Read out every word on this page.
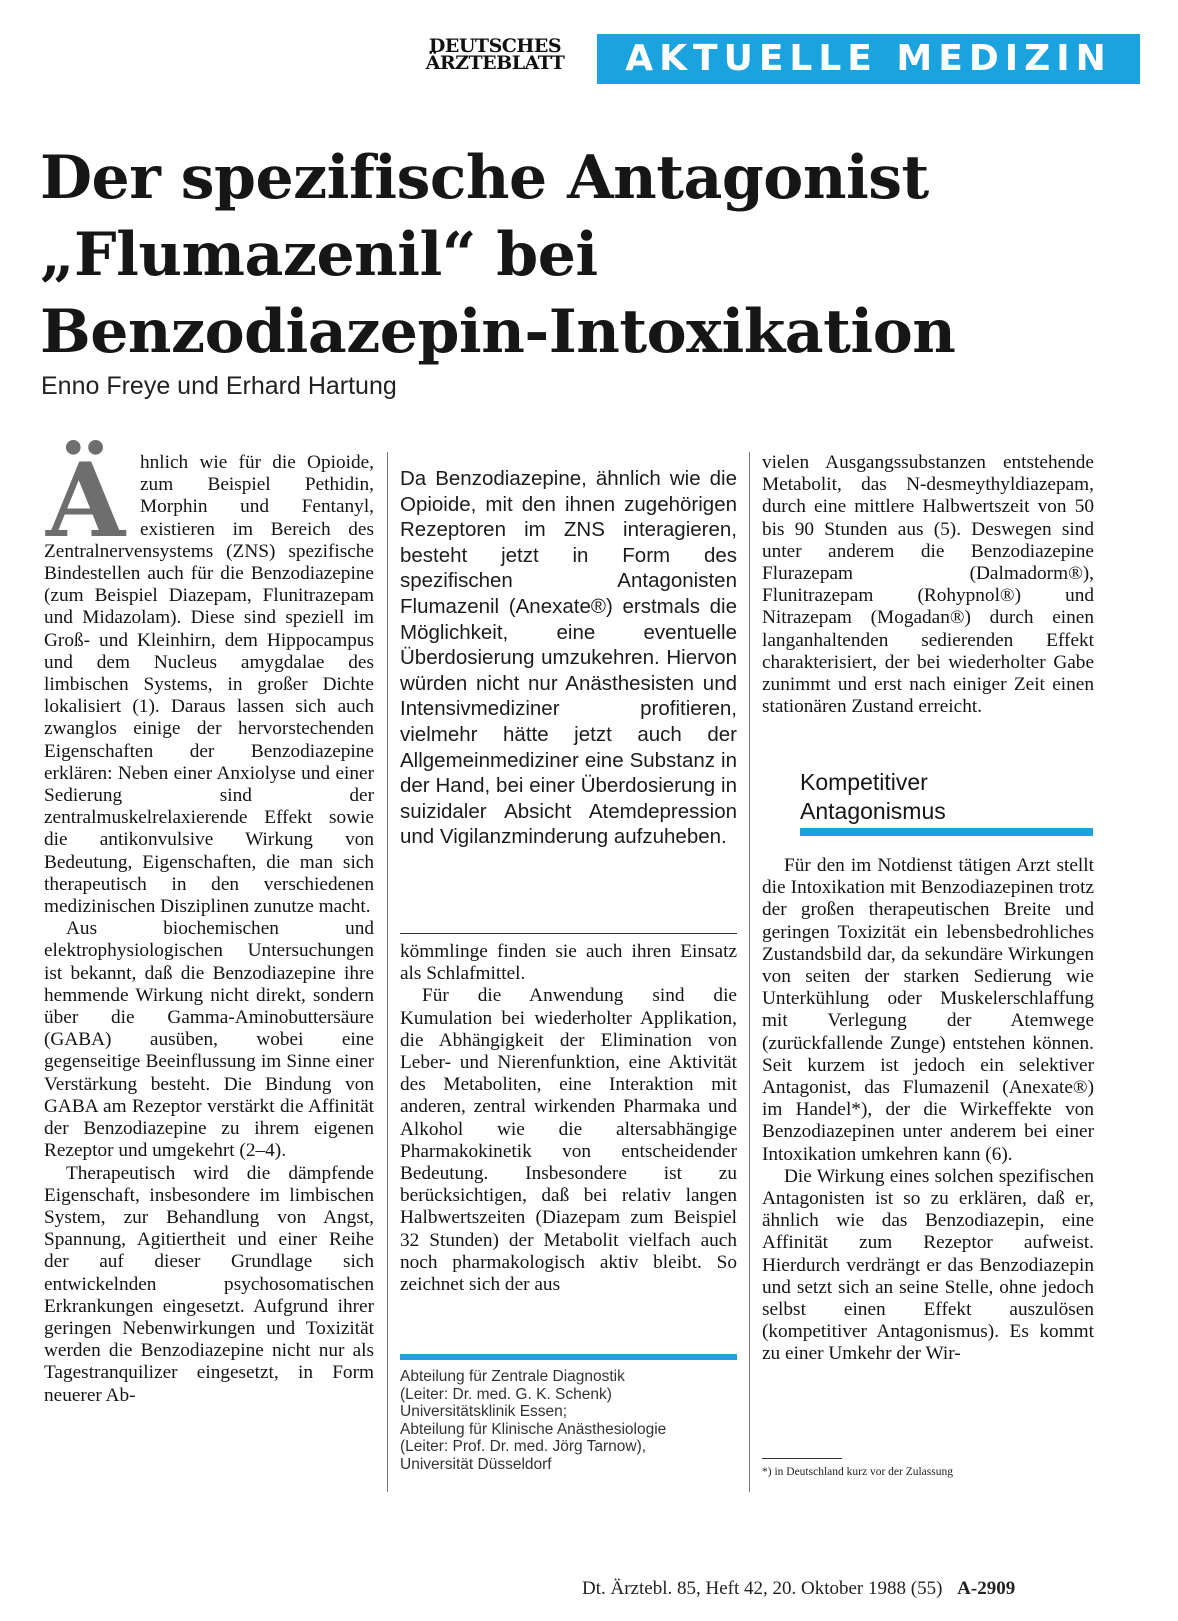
DEUTSCHES
ÄRZTEBLATT	AKTUELLE MEDIZIN
Der spezifische Antagonist
„Flumazenil“ bei
Benzodiazepin-Intoxikation
Enno Freye und Erhard Hartung
Ä hnlich wie für die Opioide, zum Beispiel Pethidin, Morphin und Fentanyl, existieren im Bereich des Zentralnervensystems (ZNS) spezifische Bindestellen auch für die Benzodiazepine (zum Beispiel Diazepam, Flunitrazepam und Midazolam). Diese sind speziell im Groß- und Kleinhirn, dem Hippocampus und dem Nucleus amygdalae des limbischen Systems, in großer Dichte lokalisiert (1). Daraus lassen sich auch zwanglos einige der hervorstechenden Eigenschaften der Benzodiazepine erklären: Neben einer Anxiolyse und einer Sedierung sind der zentralmuskelrelaxierende Effekt sowie die antikonvulsive Wirkung von Bedeutung, Eigenschaften, die man sich therapeutisch in den verschiedenen medizinischen Disziplinen zunutze macht.

Aus biochemischen und elektrophysiologischen Untersuchungen ist bekannt, daß die Benzodiazepine ihre hemmende Wirkung nicht direkt, sondern über die Gamma-Aminobuttersäure (GABA) ausüben, wobei eine gegenseitige Beeinflussung im Sinne einer Verstärkung besteht. Die Bindung von GABA am Rezeptor verstärkt die Affinität der Benzodiazepine zu ihrem eigenen Rezeptor und umgekehrt (2–4).

Therapeutisch wird die dämpfende Eigenschaft, insbesondere im limbischen System, zur Behandlung von Angst, Spannung, Agitiertheit und einer Reihe der auf dieser Grundlage sich entwickelnden psychosomatischen Erkrankungen eingesetzt. Aufgrund ihrer geringen Nebenwirkungen und Toxizität werden die Benzodiazepine nicht nur als Tagestranquilizer eingesetzt, in Form neuerer Ab-

Da Benzodiazepine, ähnlich wie die Opioide, mit den ihnen zugehörigen Rezeptoren im ZNS interagieren, besteht jetzt in Form des spezifischen Antagonisten Flumazenil (Anexate®) erstmals die Möglichkeit, eine eventuelle Überdosierung umzukehren. Hiervon würden nicht nur Anästhesisten und Intensivmediziner profitieren, vielmehr hätte jetzt auch der Allgemeinmediziner eine Substanz in der Hand, bei einer Überdosierung in suizidaler Absicht Atemdepression und Vigilanzminderung aufzuheben.

kömmlinge finden sie auch ihren Einsatz als Schlafmittel.

Für die Anwendung sind die Kumulation bei wiederholter Applikation, die Abhängigkeit der Elimination von Leber- und Nierenfunktion, eine Aktivität des Metaboliten, eine Interaktion mit anderen, zentral wirkenden Pharmaka und Alkohol wie die altersabhängige Pharmakokinetik von entscheidender Bedeutung. Insbesondere ist zu berücksichtigen, daß bei relativ langen Halbwertszeiten (Diazepam zum Beispiel 32 Stunden) der Metabolit vielfach auch noch pharmakologisch aktiv bleibt. So zeichnet sich der aus

Abteilung für Zentrale Diagnostik
(Leiter: Dr. med. G. K. Schenk)
Universitätsklinik Essen;
Abteilung für Klinische Anästhesiologie
(Leiter: Prof. Dr. med. Jörg Tarnow),
Universität Düsseldorf

vielen Ausgangssubstanzen entstehende Metabolit, das N-desmeythyldiazepam, durch eine mittlere Halbwertszeit von 50 bis 90 Stunden aus (5). Deswegen sind unter anderem die Benzodiazepine Flurazepam (Dalmadorm®), Flunitrazepam (Rohypnol®) und Nitrazepam (Mogadan®) durch einen langanhaltenden sedierenden Effekt charakterisiert, der bei wiederholter Gabe zunimmt und erst nach einiger Zeit einen stationären Zustand erreicht.

Kompetitiver
Antagonismus

Für den im Notdienst tätigen Arzt stellt die Intoxikation mit Benzodiazepinen trotz der großen therapeutischen Breite und geringen Toxizität ein lebensbedrohliches Zustandsbild dar, da sekundäre Wirkungen von seiten der starken Sedierung wie Unterkühlung oder Muskelerschlaffung mit Verlegung der Atemwege (zurückfallende Zunge) entstehen können. Seit kurzem ist jedoch ein selektiver Antagonist, das Flumazenil (Anexate®) im Handel*), der die Wirkeffekte von Benzodiazepinen unter anderem bei einer Intoxikation umkehren kann (6).

Die Wirkung eines solchen spezifischen Antagonisten ist so zu erklären, daß er, ähnlich wie das Benzodiazepin, eine Affinität zum Rezeptor aufweist. Hierdurch verdrängt er das Benzodiazepin und setzt sich an seine Stelle, ohne jedoch selbst einen Effekt auszulösen (kompetitiver Antagonismus). Es kommt zu einer Umkehr der Wir-

*) in Deutschland kurz vor der Zulassung
Dt. Ärztebl. 85, Heft 42, 20. Oktober 1988 (55) A-2909
